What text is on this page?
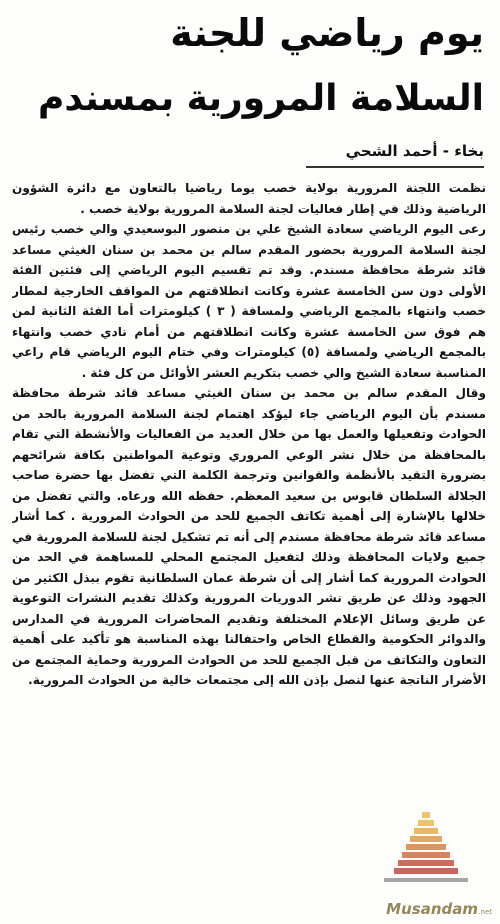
يوم رياضي للجنة
السلامة المرورية بمسندم
بخاء - أحمد الشحي

نظمت اللجنة المرورية بولاية خصب يوما رياضيا بالتعاون مع دائرة الشؤون الرياضية وذلك في إطار فعاليات لجنة السلامة المرورية بولاية خصب .

رعى اليوم الرياضي سعادة الشيخ علي بن منصور البوسعيدي والي خصب رئيس لجنة السلامة المرورية بحضور المقدم سالم بن محمد بن سنان الغيثي مساعد قائد شرطة محافظة مسندم. وقد تم تقسيم اليوم الرياضي إلى فئتين الفئة الأولى دون سن الخامسة عشرة وكانت انطلاقتهم من المواقف الخارجية لمطار خصب وانتهاء بالمجمع الرياضي ولمسافة ( ٣ ) كيلومترات أما الفئة الثانية لمن هم فوق سن الخامسة عشرة وكانت انطلاقتهم من أمام نادي خصب وانتهاء بالمجمع الرياضي ولمسافة (٥) كيلومترات وفي ختام اليوم الرياضي قام راعي المناسبة سعادة الشيخ والي خصب بتكريم العشر الأوائل من كل فئة .

وقال المقدم سالم بن محمد بن سنان الغيثي مساعد قائد شرطة محافظة مسندم بأن اليوم الرياضي جاء ليؤكد اهتمام لجنة السلامة المرورية بالحد من الحوادث وتفعيلها والعمل بها من خلال العديد من الفعاليات والأنشطة التي تقام بالمحافظة من خلال نشر الوعي المروري وتوعية المواطنين بكافة شرائحهم بضرورة التقيد بالأنظمة والقوانين وترجمة الكلمة التي تفضل بها حضرة صاحب الجلالة السلطان قابوس بن سعيد المعظم. حفظه الله ورعاه. والتي تفضل من خلالها بالإشارة إلى أهمية تكاتف الجميع للحد من الحوادث المرورية . كما أشار مساعد قائد شرطة محافظة مسندم إلى أنه تم تشكيل لجنة للسلامة المرورية في جميع ولايات المحافظة وذلك لتفعيل المجتمع المحلي للمساهمة في الحد من الحوادث المرورية كما أشار إلى أن شرطة عمان السلطانية تقوم ببذل الكثير من الجهود وذلك عن طريق نشر الدوريات المرورية وكذلك تقديم النشرات التوعوية عن طريق وسائل الإعلام المختلفة وتقديم المحاضرات المرورية في المدارس والدوائر الحكومية والقطاع الخاص واحتفالنا بهذه المناسبة هو تأكيد على أهمية التعاون والتكاتف من قبل الجميع للحد من الحوادث المرورية وحماية المجتمع من الأضرار الناتجة عنها لنصل بإذن الله إلى مجتمعات خالية من الحوادث المرورية.

Musandam .net
